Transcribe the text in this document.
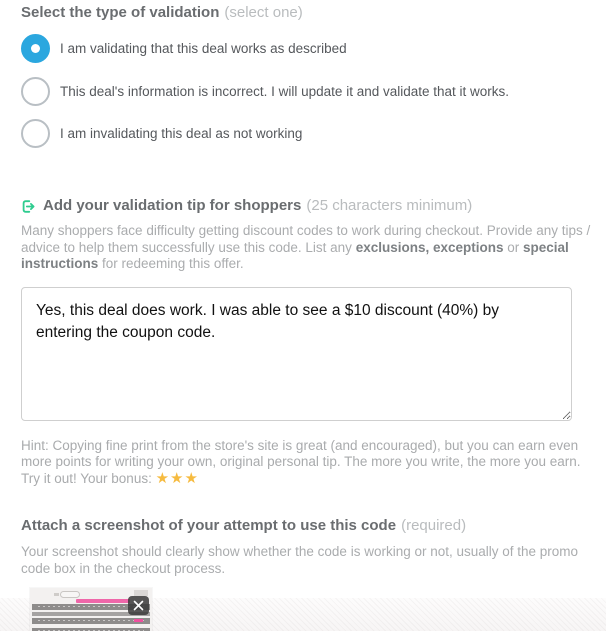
Select the type of validation (select one)
I am validating that this deal works as described
This deal's information is incorrect. I will update it and validate that it works.
I am invalidating this deal as not working
Add your validation tip for shoppers (25 characters minimum)

Many shoppers face difficulty getting discount codes to work during checkout. Provide any tips / advice to help them successfully use this code. List any exclusions, exceptions or special instructions for redeeming this offer.

Yes, this deal does work. I was able to see a $10 discount (40%) by entering the coupon code.

Hint: Copying fine print from the store's site is great (and encouraged), but you can earn even more points for writing your own, original personal tip. The more you write, the more you earn. Try it out! Your bonus: ★★★

Attach a screenshot of your attempt to use this code (required)

Your screenshot should clearly show whether the code is working or not, usually of the promo code box in the checkout process.
